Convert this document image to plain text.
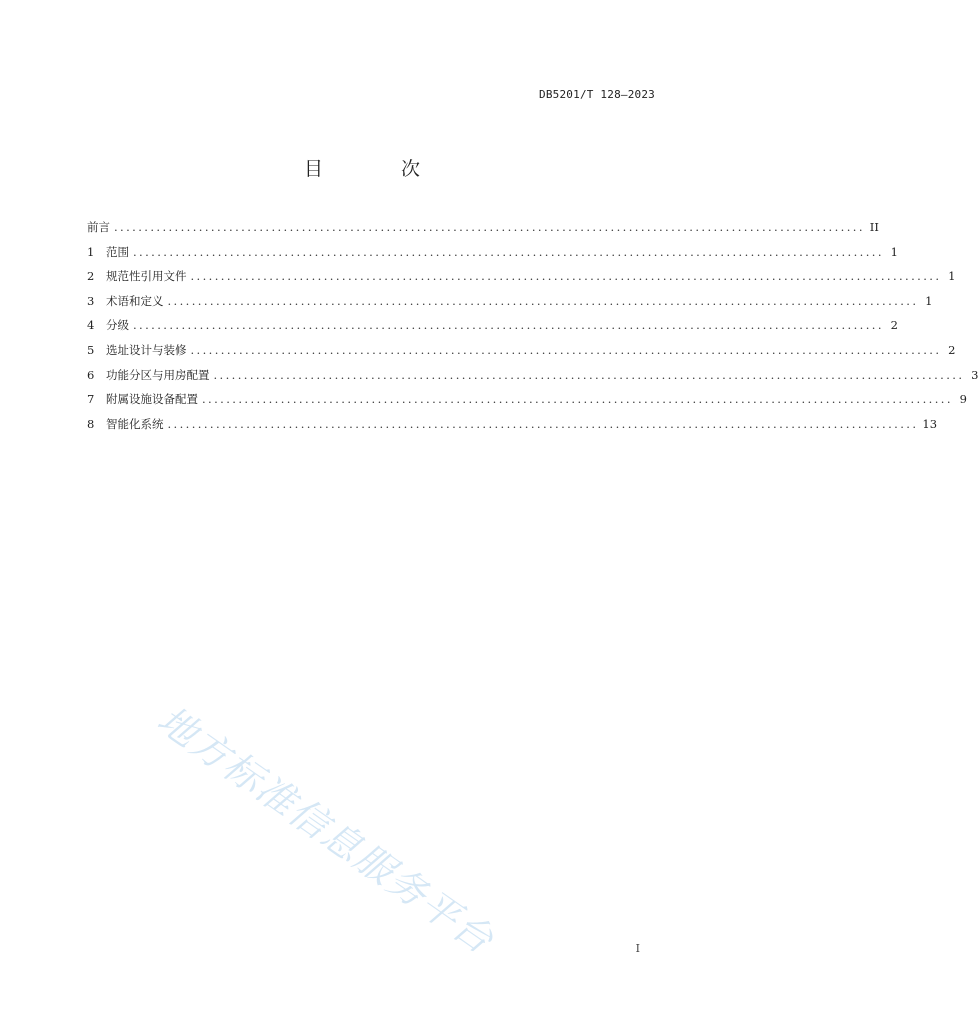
DB5201/T 128—2023
目 次
前言 ............................................................................................................................ II
1	范围 ............................................................................................................................ 1
2	规范性引用文件 ............................................................................................................................ 1
3	术语和定义 ............................................................................................................................ 1
4	分级 ............................................................................................................................ 2
5	选址设计与装修 ............................................................................................................................ 2
6	功能分区与用房配置 ............................................................................................................................ 3
7	附属设施设备配置 ............................................................................................................................ 9
8	智能化系统 ............................................................................................................................ 13
地方标准信息服务平台	I
